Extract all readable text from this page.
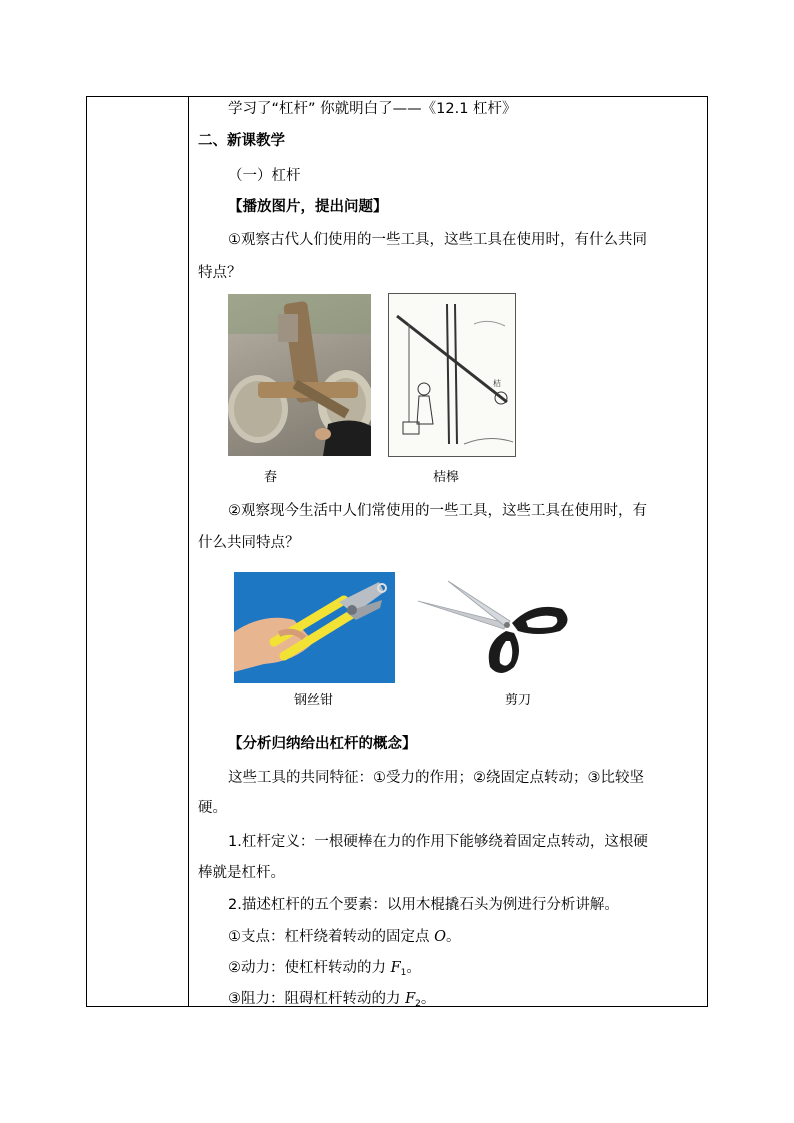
学习了“杠杆” 你就明白了——《12.1 杠杆》
二、新课教学
（一）杠杆
【播放图片，提出问题】
①观察古代人们使用的一些工具，这些工具在使用时，有什么共同
特点？
桔
舂	桔槔
②观察现今生活中人们常使用的一些工具，这些工具在使用时，有
什么共同特点？
钢丝钳	剪刀
【分析归纳给出杠杆的概念】
这些工具的共同特征：①受力的作用；②绕固定点转动；③比较坚
硬。
1.杠杆定义：一根硬棒在力的作用下能够绕着固定点转动，这根硬
棒就是杠杆。
2.描述杠杆的五个要素：以用木棍撬石头为例进行分析讲解。
①支点：杠杆绕着转动的固定点 O。
②动力：使杠杆转动的力 $F_1$。
③阻力：阻碍杠杆转动的力 $F_2$。
